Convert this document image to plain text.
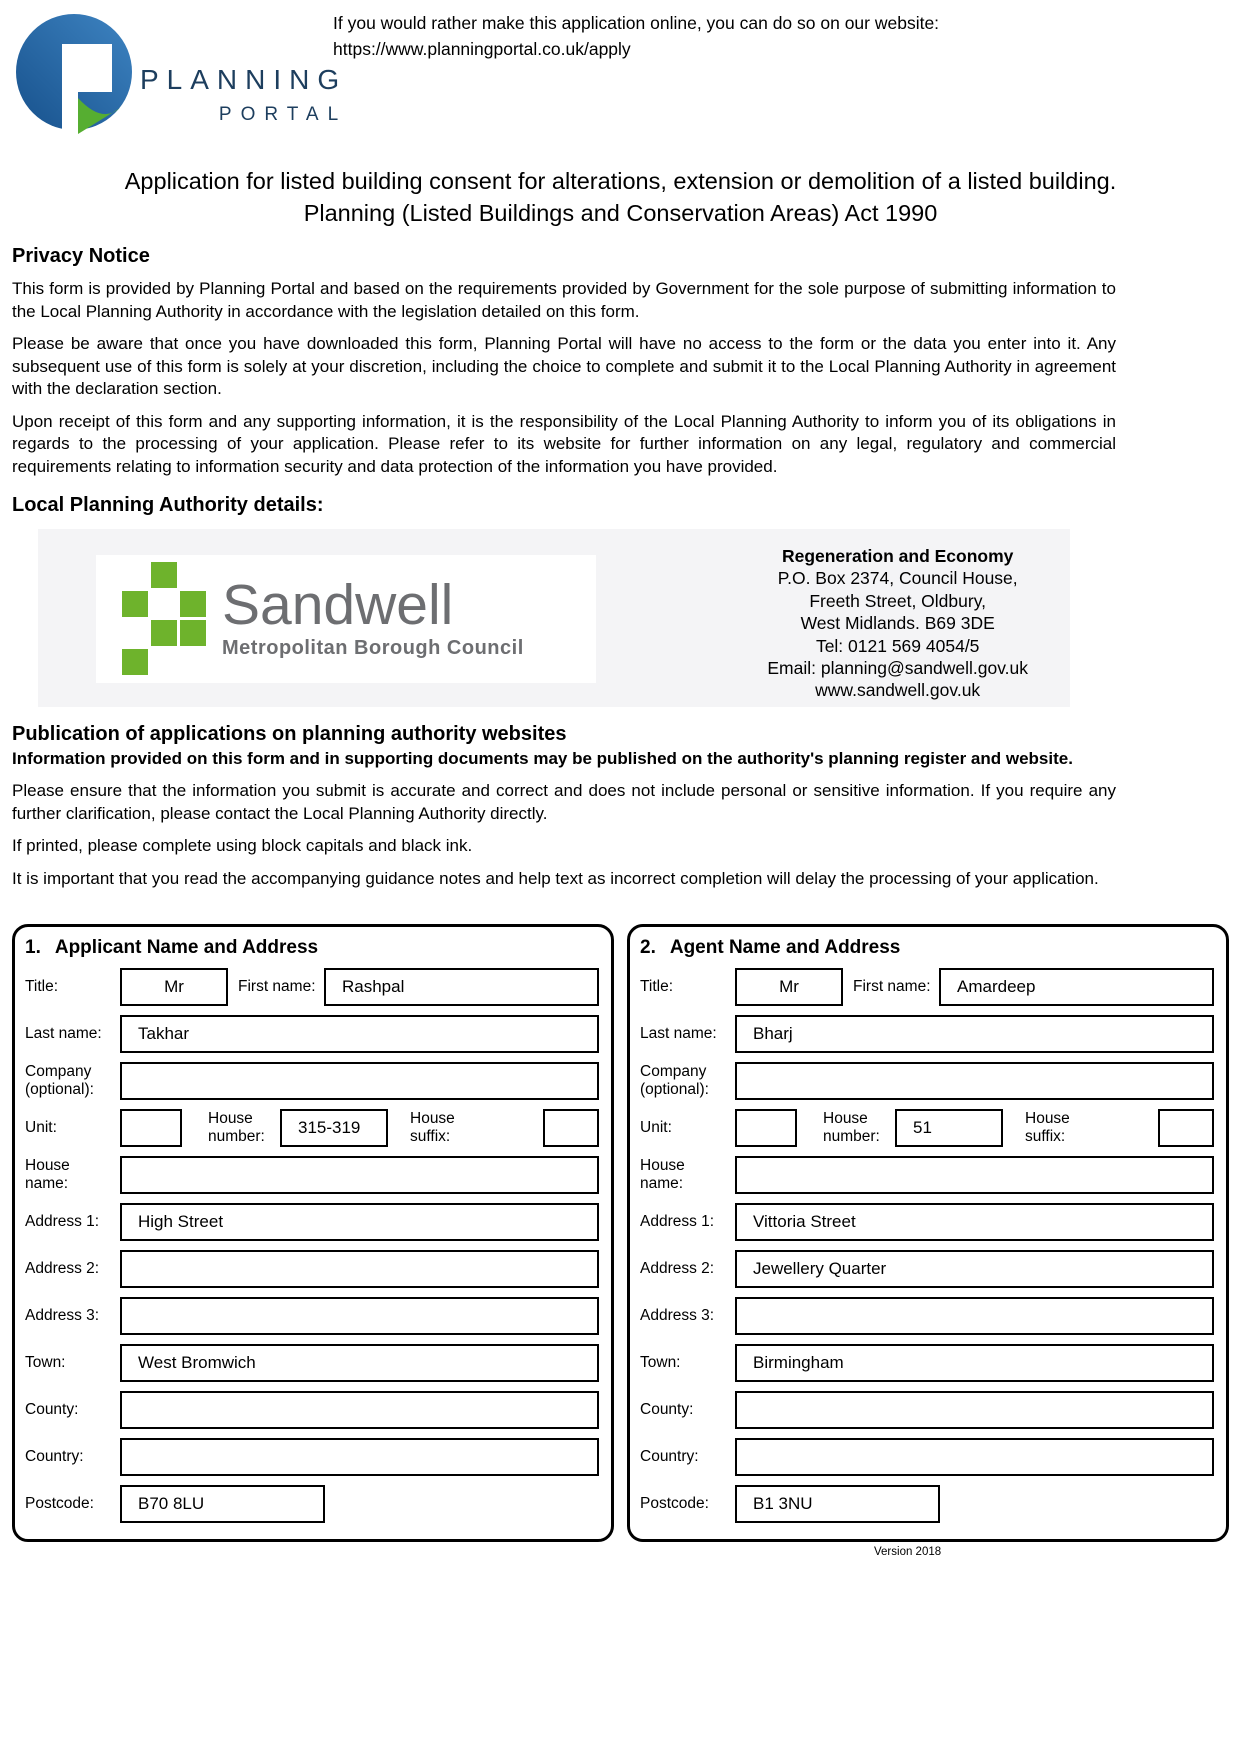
PLANNING
PORTAL
If you would rather make this application online, you can do so on our website:
https://www.planningportal.co.uk/apply
Application for listed building consent for alterations, extension or demolition of a listed building.
Planning (Listed Buildings and Conservation Areas) Act 1990
Privacy Notice
This form is provided by Planning Portal and based on the requirements provided by Government for the sole purpose of submitting information to the Local Planning Authority in accordance with the legislation detailed on this form.
Please be aware that once you have downloaded this form, Planning Portal will have no access to the form or the data you enter into it. Any subsequent use of this form is solely at your discretion, including the choice to complete and submit it to the Local Planning Authority in agreement with the declaration section.
Upon receipt of this form and any supporting information, it is the responsibility of the Local Planning Authority to inform you of its obligations in regards to the processing of your application. Please refer to its website for further information on any legal, regulatory and commercial requirements relating to information security and data protection of the information you have provided.
Local Planning Authority details:
Sandwell
Metropolitan Borough Council
Regeneration and Economy
P.O. Box 2374, Council House,
Freeth Street, Oldbury,
West Midlands. B69 3DE
Tel: 0121 569 4054/5
Email: planning@sandwell.gov.uk
www.sandwell.gov.uk
Publication of applications on planning authority websites
Information provided on this form and in supporting documents may be published on the authority's planning register and website.
Please ensure that the information you submit is accurate and correct and does not include personal or sensitive information. If you require any further clarification, please contact the Local Planning Authority directly.
If printed, please complete using block capitals and black ink.
It is important that you read the accompanying guidance notes and help text as incorrect completion will delay the processing of your application.
1. Applicant Name and Address
Title:
Mr	First name:
Rashpal
Last name:
Takhar
Company
(optional):
Unit:
House
number:
315-319
House
suffix:
House
name:
Address 1:
High Street
Address 2:
Address 3:
Town:
West Bromwich
County:
Country:
Postcode:
B70 8LU
2. Agent Name and Address
Title:
Mr	First name:
Amardeep
Last name:
Bharj
Company
(optional):
Unit:
House
number:
51
House
suffix:
House
name:
Address 1:
Vittoria Street
Address 2:
Jewellery Quarter
Address 3:
Town:
Birmingham
County:
Country:
Postcode:
B1 3NU
Version 2018
